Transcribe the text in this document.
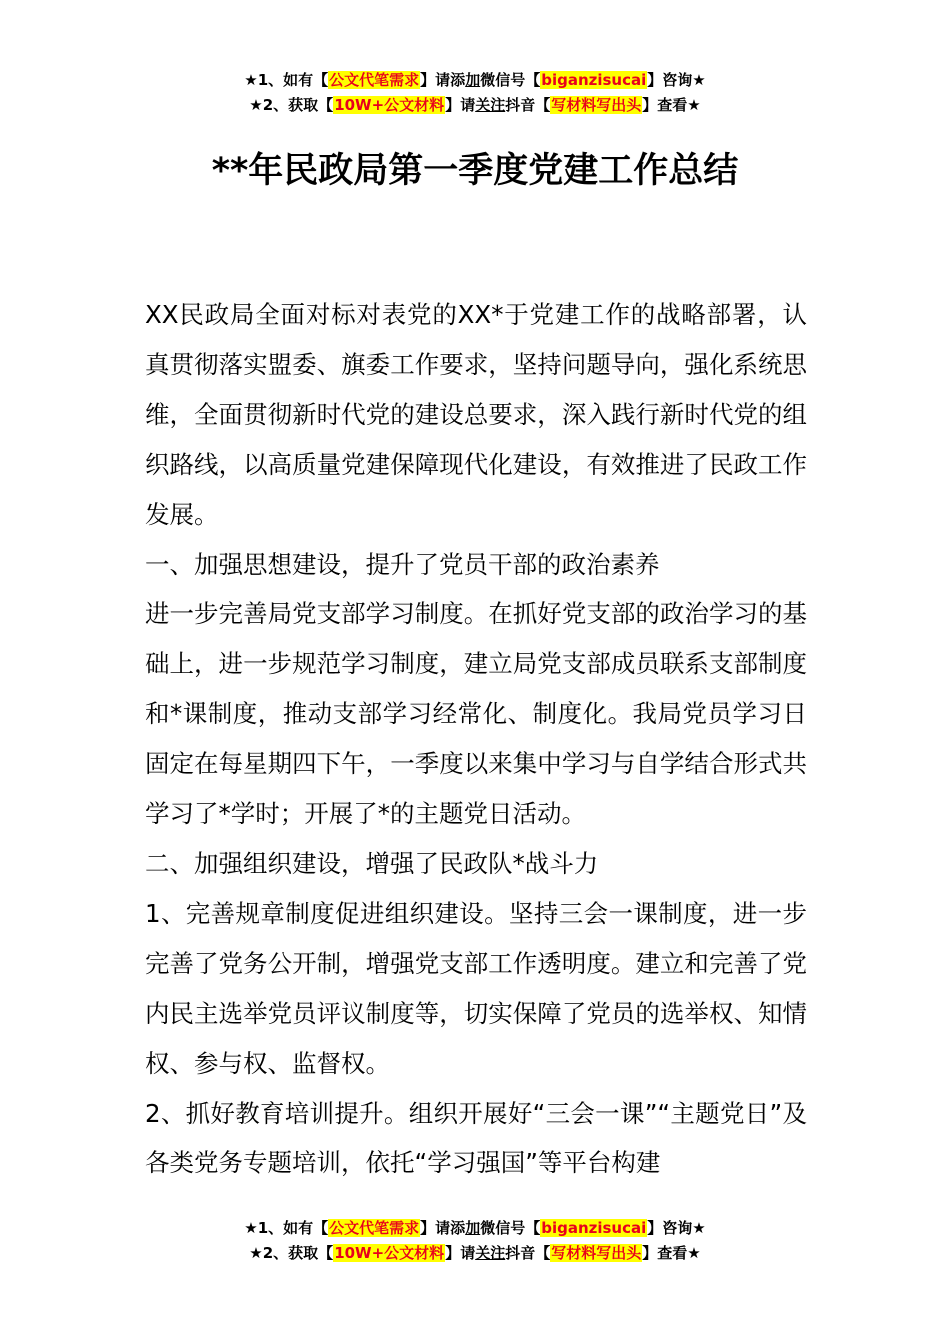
★1、如有【公文代笔需求】请添加微信号【biganzisucai】咨询★
★2、获取【10W+公文材料】请关注抖音【写材料写出头】查看★
**年民政局第一季度党建工作总结

XX民政局全面对标对表党的XX*于党建工作的战略部署，认真贯彻落实盟委、旗委工作要求，坚持问题导向，强化系统思维，全面贯彻新时代党的建设总要求，深入践行新时代党的组织路线，以高质量党建保障现代化建设，有效推进了民政工作发展。

一、加强思想建设，提升了党员干部的政治素养

进一步完善局党支部学习制度。在抓好党支部的政治学习的基础上，进一步规范学习制度，建立局党支部成员联系支部制度和*课制度，推动支部学习经常化、制度化。我局党员学习日固定在每星期四下午，一季度以来集中学习与自学结合形式共学习了*学时；开展了*的主题党日活动。

二、加强组织建设，增强了民政队*战斗力

1、完善规章制度促进组织建设。坚持三会一课制度，进一步完善了党务公开制，增强党支部工作透明度。建立和完善了党内民主选举党员评议制度等，切实保障了党员的选举权、知情权、参与权、监督权。

2、抓好教育培训提升。组织开展好“三会一课”“主题党日”及各类党务专题培训，依托“学习强国”等平台构建

★1、如有【公文代笔需求】请添加微信号【biganzisucai】咨询★
★2、获取【10W+公文材料】请关注抖音【写材料写出头】查看★
